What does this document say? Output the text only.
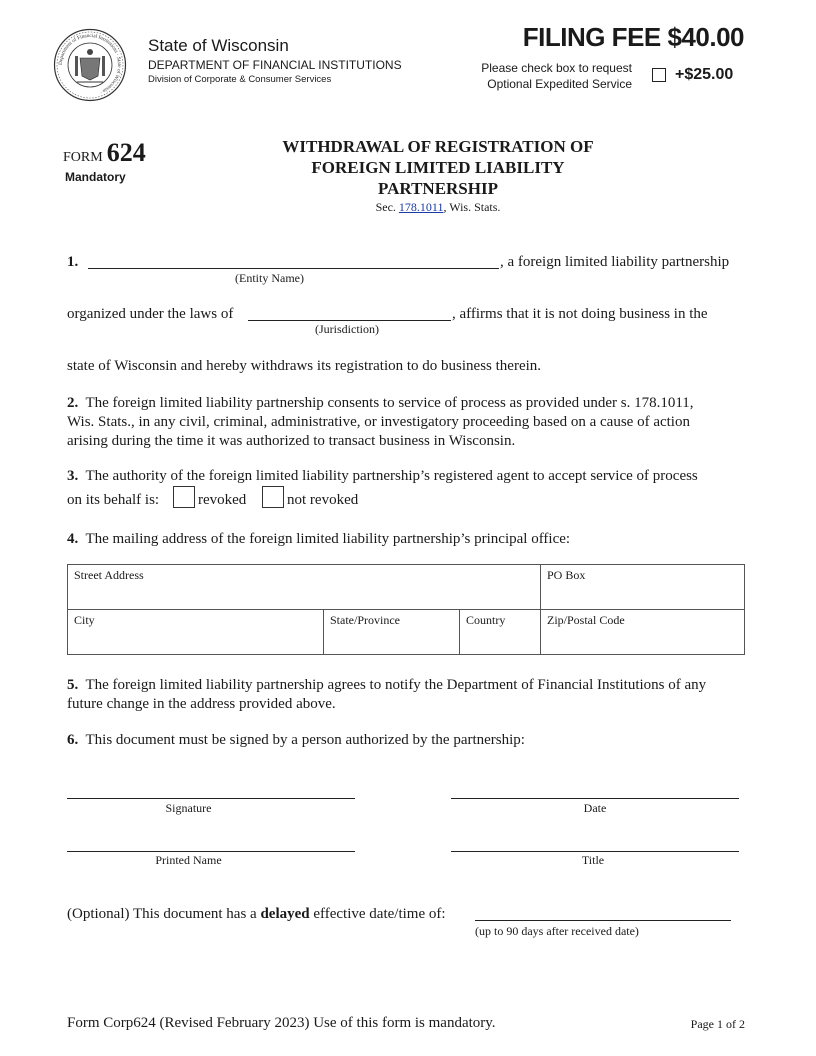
Department of Financial Institutions · State of Wisconsin ·
State of Wisconsin
DEPARTMENT OF FINANCIAL INSTITUTIONS
Division of Corporate & Consumer Services
FILING FEE $40.00
Please check box to request
Optional Expedited Service
+$25.00
FORM 624
Mandatory
WITHDRAWAL OF REGISTRATION OF
FOREIGN LIMITED LIABILITY
PARTNERSHIP
Sec. 178.1011, Wis. Stats.
1.	, a foreign limited liability partnership
(Entity Name)
organized under the laws of	, affirms that it is not doing business in the
(Jurisdiction)
state of Wisconsin and hereby withdraws its registration to do business therein.
2. The foreign limited liability partnership consents to service of process as provided under s. 178.1011,
Wis. Stats., in any civil, criminal, administrative, or investigatory proceeding based on a cause of action
arising during the time it was authorized to transact business in Wisconsin.
3. The authority of the foreign limited liability partnership’s registered agent to accept service of process
on its behalf is:	revoked	not revoked
4. The mailing address of the foreign limited liability partnership’s principal office:
Street Address			PO Box
City	State/Province	Country	Zip/Postal Code
5. The foreign limited liability partnership agrees to notify the Department of Financial Institutions of any
future change in the address provided above.
6. This document must be signed by a person authorized by the partnership:
Signature	Date
Printed Name	Title
(Optional) This document has a delayed effective date/time of:
(up to 90 days after received date)
Form Corp624 (Revised February 2023) Use of this form is mandatory.	Page 1 of 2
